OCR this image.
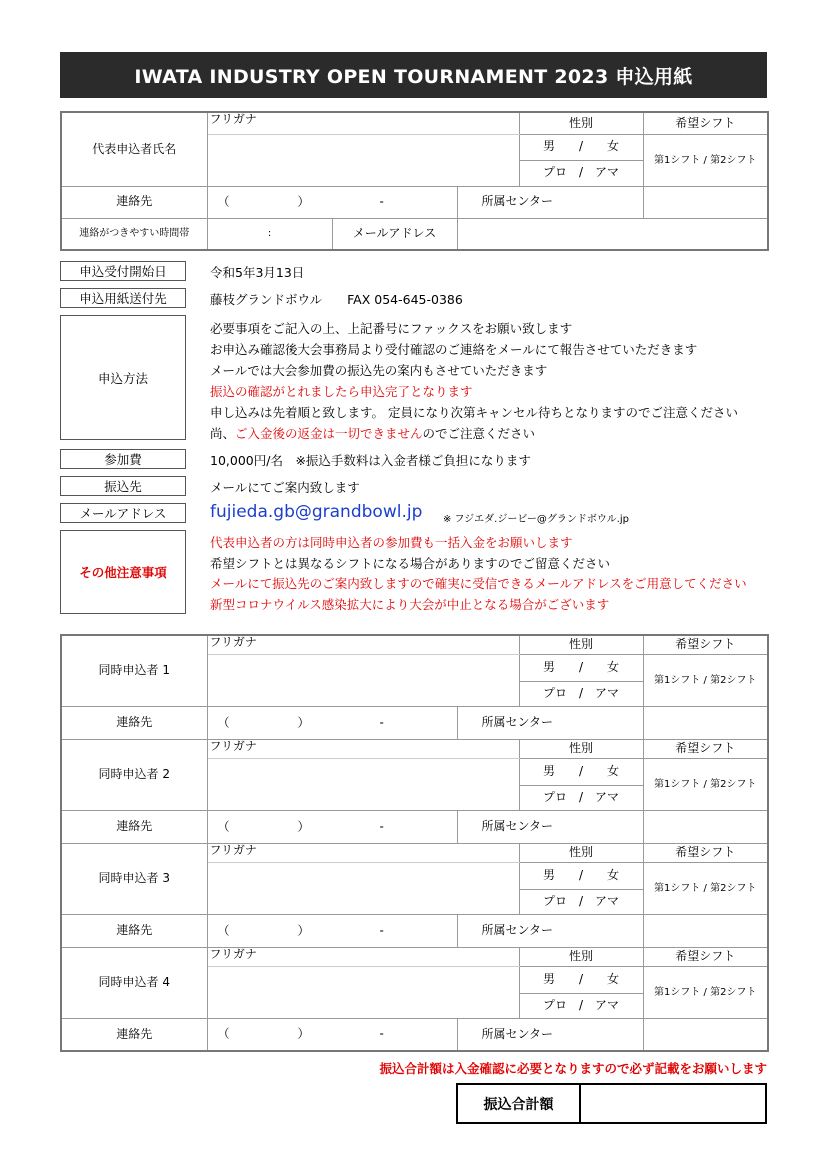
IWATA INDUSTRY OPEN TOURNAMENT 2023 申込用紙
代表申込者氏名	フリガナ			性別	希望シフト
				男　　/　　女	第1シフト / 第2シフト
				プロ　/　アマ	
連絡先	（ ） -		所属センター		
連絡がつきやすい時間帯	:	メールアドレス			
申込受付開始日	令和5年3月13日
申込用紙送付先	藤枝グランドボウル　　FAX 054-645-0386
申込方法
必要事項をご記入の上、上記番号にファックスをお願い致します
お申込み確認後大会事務局より受付確認のご連絡をメールにて報告させていただきます
メールでは大会参加費の振込先の案内もさせていただきます
振込の確認がとれましたら申込完了となります
申し込みは先着順と致します。 定員になり次第キャンセル待ちとなりますのでご注意ください
尚、ご入金後の返金は一切できませんのでご注意ください
参加費	10,000円/名　※振込手数料は入金者様ご負担になります
振込先	メールにてご案内致します
メールアドレス	fujieda.gb@grandbowl.jp ※ フジエダ.ジービー@グランドボウル.jp
その他注意事項
代表申込者の方は同時申込者の参加費も一括入金をお願いします
希望シフトとは異なるシフトになる場合がありますのでご留意ください
メールにて振込先のご案内致しますので確実に受信できるメールアドレスをご用意してください
新型コロナウイルス感染拡大により大会が中止となる場合がございます
同時申込者 1	フリガナ		性別	希望シフト
			男　　/　　女	第1シフト / 第2シフト
			プロ　/　アマ	
連絡先	（ ） -	所属センター		
同時申込者 2	フリガナ		性別	希望シフト
			男　　/　　女	第1シフト / 第2シフト
			プロ　/　アマ	
連絡先	（ ） -	所属センター		
同時申込者 3	フリガナ		性別	希望シフト
			男　　/　　女	第1シフト / 第2シフト
			プロ　/　アマ	
連絡先	（ ） -	所属センター		
同時申込者 4	フリガナ		性別	希望シフト
			男　　/　　女	第1シフト / 第2シフト
			プロ　/　アマ	
連絡先	（ ） -	所属センター		
振込合計額は入金確認に必要となりますので必ず記載をお願いします
振込合計額
